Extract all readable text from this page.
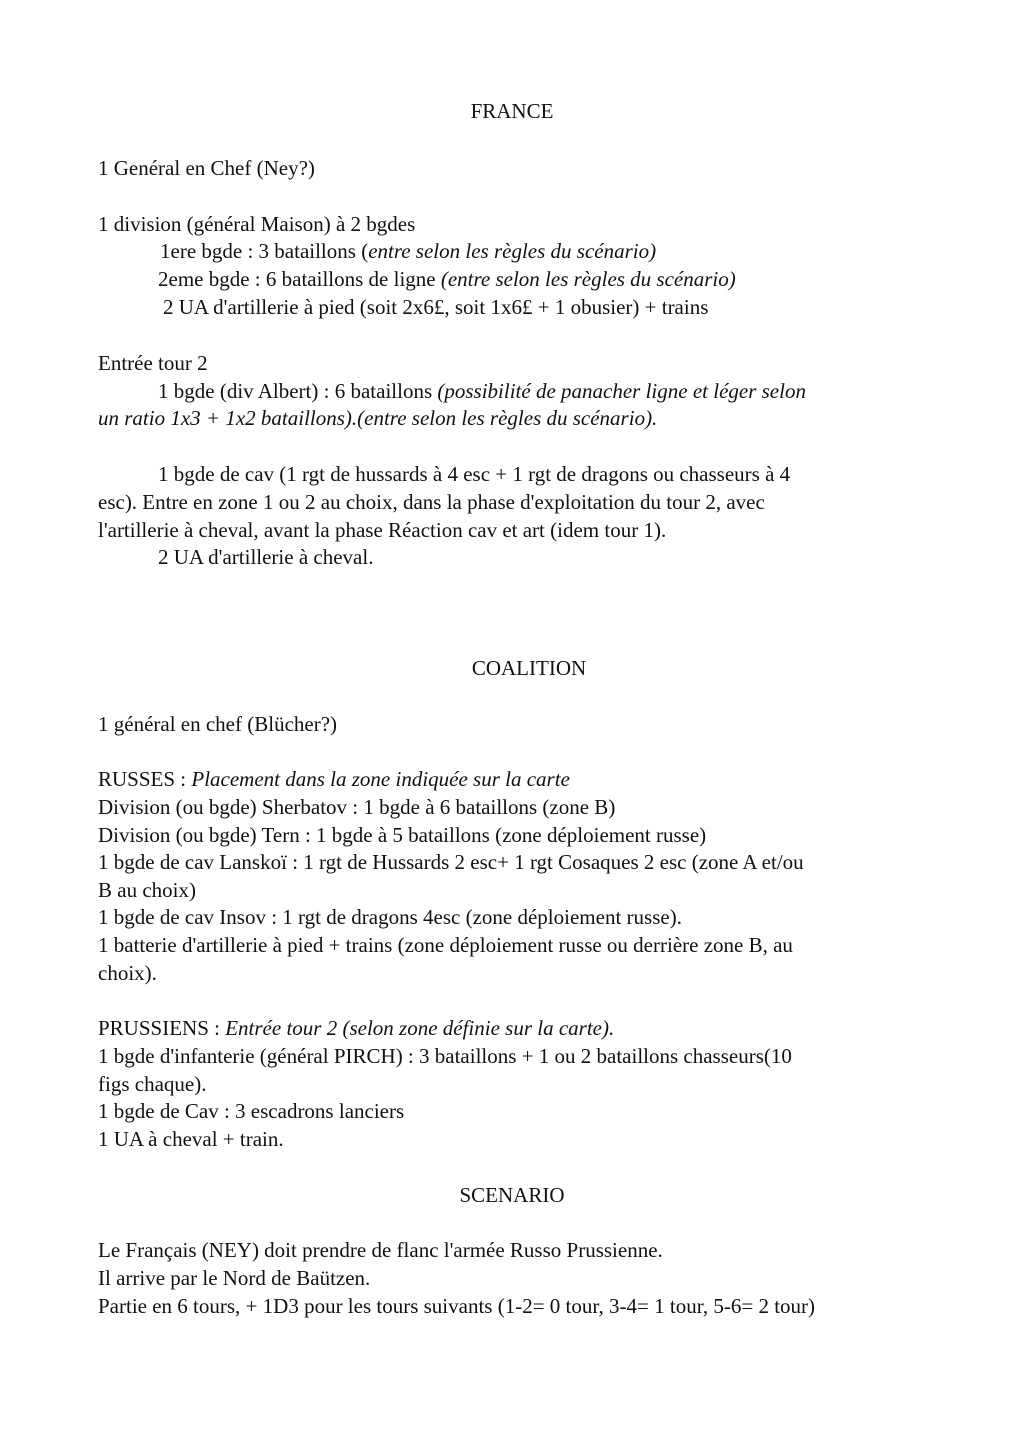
FRANCE
1 Genéral en Chef (Ney?)
1 division (général Maison) à 2 bgdes
1ere bgde : 3 bataillons (entre selon les règles du scénario)
2eme bgde : 6 bataillons de ligne (entre selon les règles du scénario)
2 UA d'artillerie à pied (soit 2x6£, soit 1x6£ + 1 obusier) + trains
Entrée tour 2
1 bgde (div Albert) : 6 bataillons (possibilité de panacher ligne et léger selon
un ratio 1x3 + 1x2 bataillons).(entre selon les règles du scénario).
1 bgde de cav (1 rgt de hussards à 4 esc + 1 rgt de dragons ou chasseurs à 4
esc). Entre en zone 1 ou 2 au choix, dans la phase d'exploitation du tour 2, avec
l'artillerie à cheval, avant la phase Réaction cav et art (idem tour 1).
2 UA d'artillerie à cheval.
COALITION
1 général en chef (Blücher?)
RUSSES : Placement dans la zone indiquée sur la carte
Division (ou bgde) Sherbatov : 1 bgde à 6 bataillons (zone B)
Division (ou bgde) Tern : 1 bgde à 5 bataillons (zone déploiement russe)
1 bgde de cav Lanskoï : 1 rgt de Hussards 2 esc+ 1 rgt Cosaques 2 esc (zone A et/ou
B au choix)
1 bgde de cav Insov : 1 rgt de dragons 4esc (zone déploiement russe).
1 batterie d'artillerie à pied + trains (zone déploiement russe ou derrière zone B, au
choix).
PRUSSIENS : Entrée tour 2 (selon zone définie sur la carte).
1 bgde d'infanterie (général PIRCH) : 3 bataillons + 1 ou 2 bataillons chasseurs(10
figs chaque).
1 bgde de Cav : 3 escadrons lanciers
1 UA à cheval + train.
SCENARIO
Le Français (NEY) doit prendre de flanc l'armée Russo Prussienne.
Il arrive par le Nord de Baützen.
Partie en 6 tours, + 1D3 pour les tours suivants (1-2= 0 tour, 3-4= 1 tour, 5-6= 2 tour)
